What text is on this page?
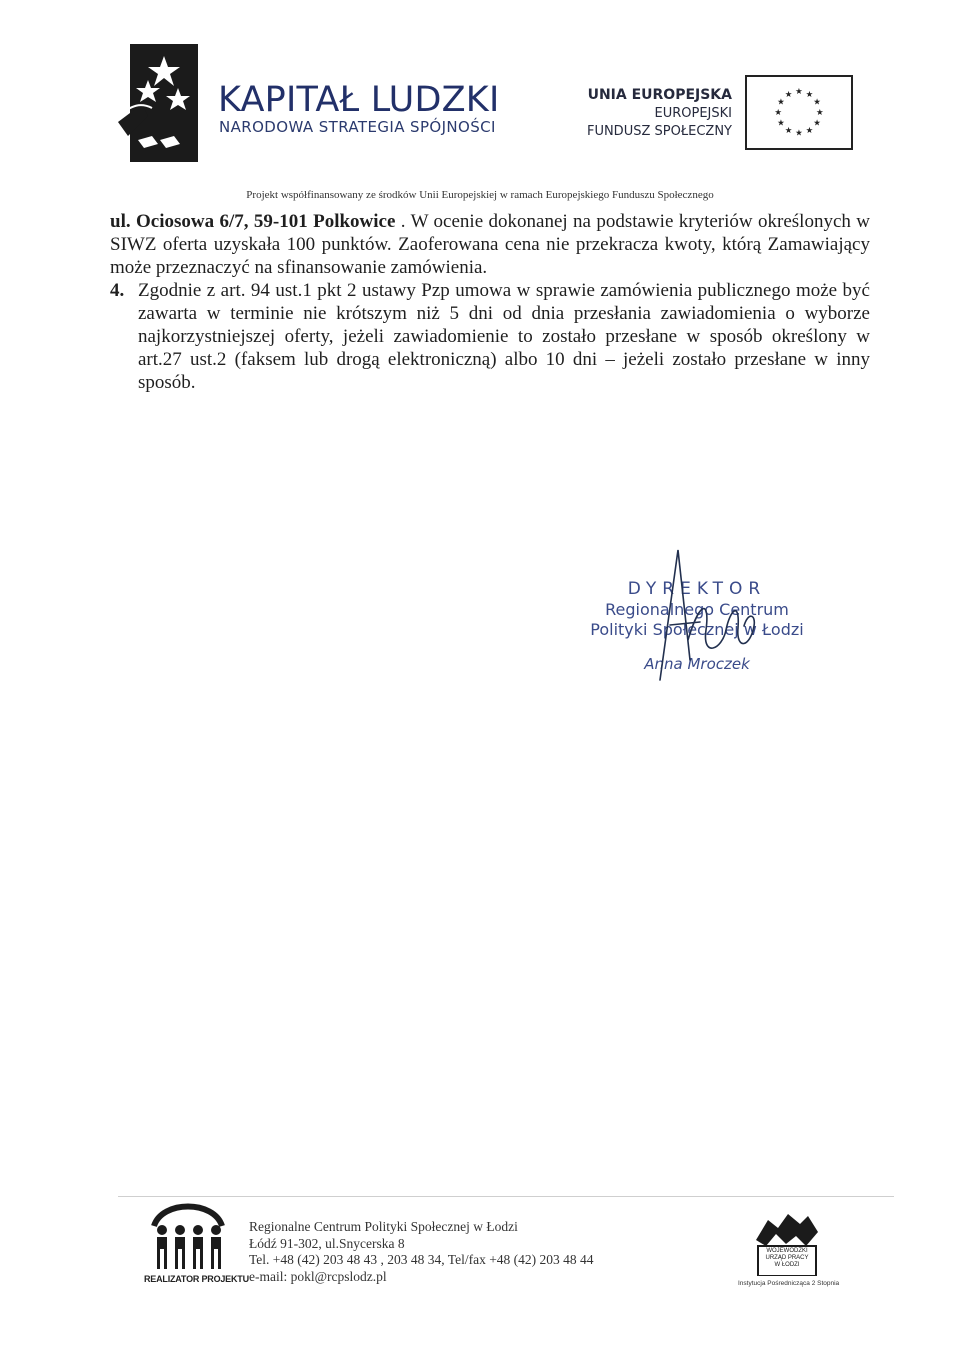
KAPITAŁ LUDZKI
NARODOWA STRATEGIA SPÓJNOŚCI
UNIA EUROPEJSKA
EUROPEJSKI
FUNDUSZ SPOŁECZNY
★ ★
★
★
★
★
★
★
★
★
★
★
Projekt współfinansowany ze środków Unii Europejskiej w ramach Europejskiego Funduszu Społecznego

ul. Ociosowa 6/7, 59-101 Polkowice . W ocenie dokonanej na podstawie kryteriów określonych w SIWZ oferta uzyskała 100 punktów. Zaoferowana cena nie przekracza kwoty, którą Zamawiający może przeznaczyć na sfinansowanie zamówienia.

4. Zgodnie z art. 94 ust.1 pkt 2 ustawy Pzp umowa w sprawie zamówienia publicznego może być zawarta w terminie nie krótszym niż 5 dni od dnia przesłania zawiadomienia o wyborze najkorzystniejszej oferty, jeżeli zawiadomienie to zostało przesłane w sposób określony w art.27 ust.2 (faksem lub drogą elektroniczną) albo 10 dni – jeżeli zostało przesłane w inny sposób.
DYREKTOR
Regionalnego Centrum
Polityki Społecznej w Łodzi
Anna Mroczek
REALIZATOR PROJEKTU
Regionalne Centrum Polityki Społecznej w Łodzi
Łódź 91-302, ul.Snycerska 8
Tel. +48 (42) 203 48 43 , 203 48 34, Tel/fax +48 (42) 203 48 44
e-mail: pokl@rcpslodz.pl
WOJEWÓDZKI
URZĄD PRACY
W ŁODZI
Instytucja Pośrednicząca 2 Stopnia
